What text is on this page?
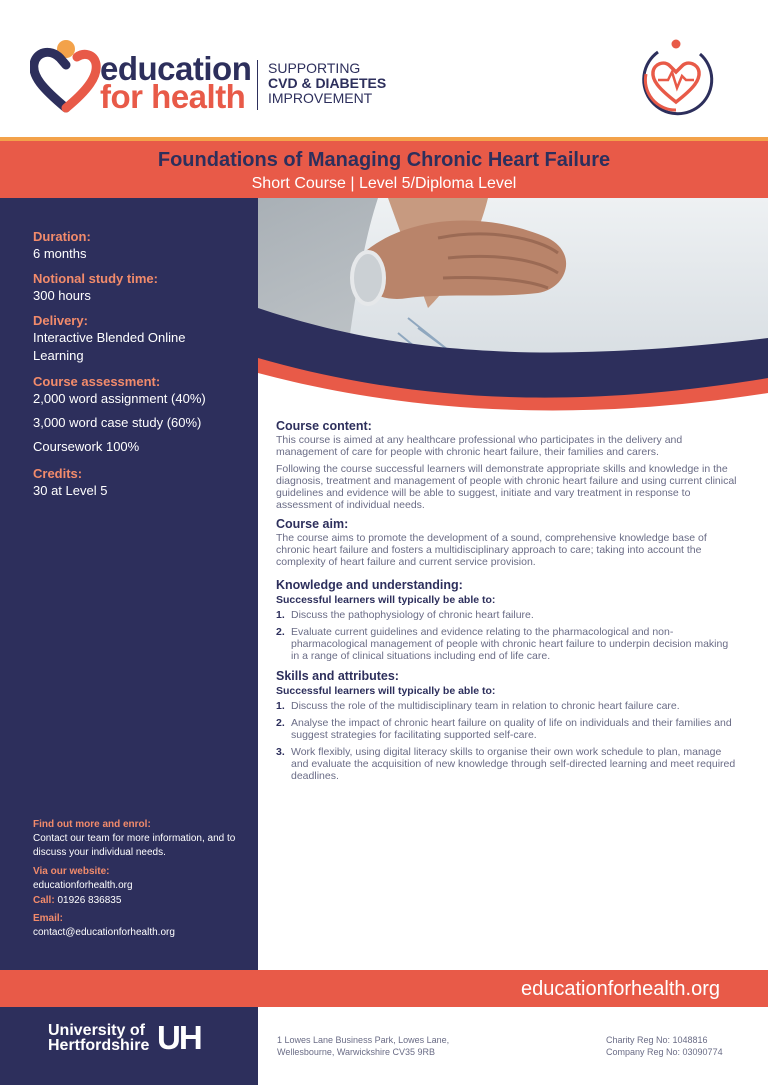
education
for health
SUPPORTING
CVD & DIABETES
IMPROVEMENT
Foundations of Managing Chronic Heart Failure
Short Course | Level 5/Diploma Level
Duration:
6 months
Notional study time:
300 hours
Delivery:
Interactive Blended Online Learning
Course assessment:
2,000 word assignment (40%)
3,000 word case study (60%)
Coursework 100%
Credits:
30 at Level 5
Find out more and enrol:
Contact our team for more information, and to discuss your individual needs.
Via our website:
educationforhealth.org
Call: 01926 836835
Email:
contact@educationforhealth.org
Course content:
This course is aimed at any healthcare professional who participates in the delivery and management of care for people with chronic heart failure, their families and carers.
Following the course successful learners will demonstrate appropriate skills and knowledge in the diagnosis, treatment and management of people with chronic heart failure and using current clinical guidelines and evidence will be able to suggest, initiate and vary treatment in response to assessment of individual needs.
Course aim:
The course aims to promote the development of a sound, comprehensive knowledge base of chronic heart failure and fosters a multidisciplinary approach to care; taking into account the complexity of heart failure and current service provision.
Knowledge and understanding:
Successful learners will typically be able to:
1. Discuss the pathophysiology of chronic heart failure.
2. Evaluate current guidelines and evidence relating to the pharmacological and non-pharmacological management of people with chronic heart failure to underpin decision making in a range of clinical situations including end of life care.
Skills and attributes:
Successful learners will typically be able to:
1. Discuss the role of the multidisciplinary team in relation to chronic heart failure care.
2. Analyse the impact of chronic heart failure on quality of life on individuals and their families and suggest strategies for facilitating supported self-care.
3. Work flexibly, using digital literacy skills to organise their own work schedule to plan, manage and evaluate the acquisition of new knowledge through self-directed learning and meet required deadlines.
educationforhealth.org
University of
Hertfordshire UH	1 Lowes Lane Business Park, Lowes Lane,
Wellesbourne, Warwickshire CV35 9RB
Charity Reg No: 1048816
Company Reg No: 03090774
